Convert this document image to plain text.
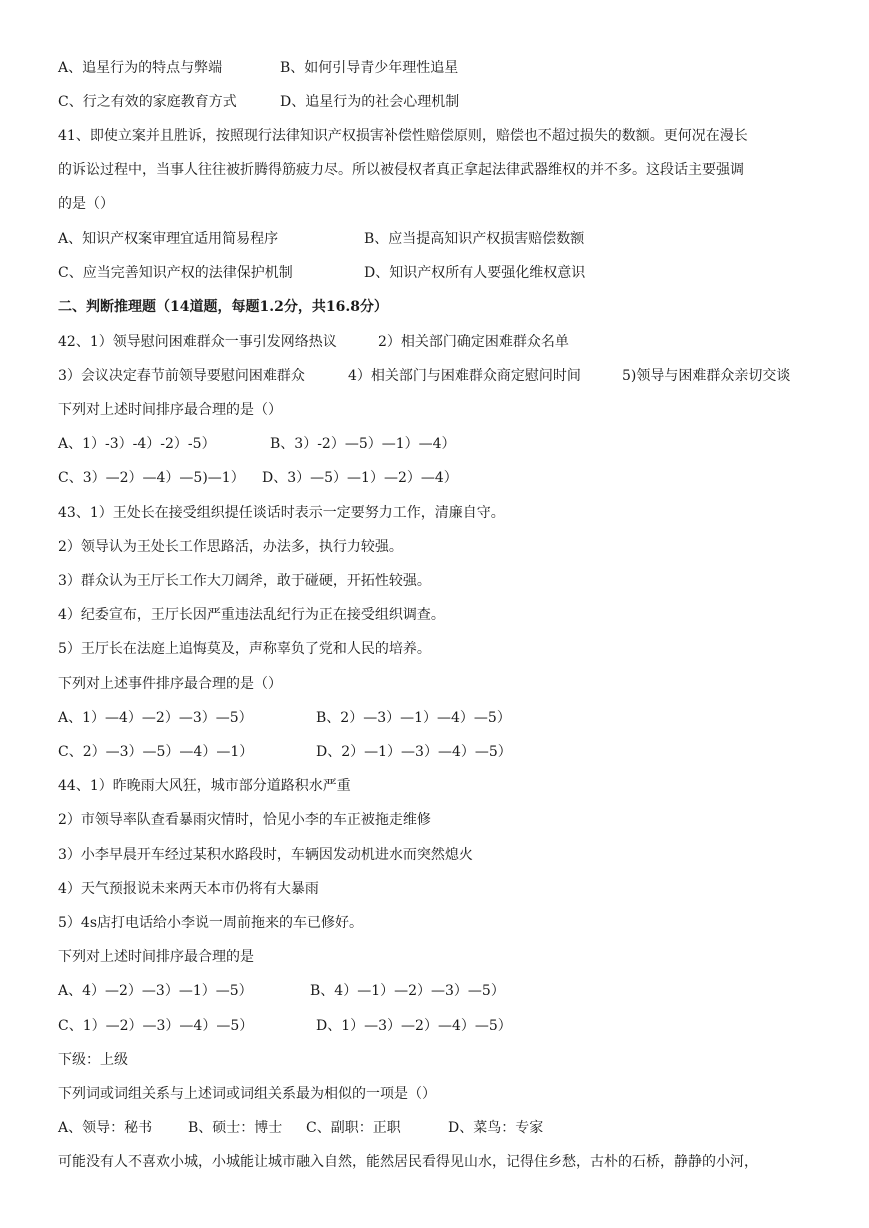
A、追星行为的特点与弊端	B、如何引导青少年理性追星
C、行之有效的家庭教育方式	D、追星行为的社会心理机制
41、即使立案并且胜诉，按照现行法律知识产权损害补偿性赔偿原则，赔偿也不超过损失的数额。更何况在漫长
的诉讼过程中，当事人往往被折腾得筋疲力尽。所以被侵权者真正拿起法律武器维权的并不多。这段话主要强调
的是（）
A、知识产权案审理宜适用简易程序	B、应当提高知识产权损害赔偿数额
C、应当完善知识产权的法律保护机制	D、知识产权所有人要强化维权意识
二、判断推理题（14道题，每题1.2分，共16.8分）
42、1）领导慰问困难群众一事引发网络热议	2）相关部门确定困难群众名单
3）会议决定春节前领导要慰问困难群众	4）相关部门与困难群众商定慰问时间	5)领导与困难群众亲切交谈
下列对上述时间排序最合理的是（）
A、1）-3）-4）-2）-5）	B、3）-2）—5）—1）—4）
C、3）—2）—4）—5)—1） D、3）—5）—1）—2）—4）
43、1）王处长在接受组织提任谈话时表示一定要努力工作，清廉自守。
2）领导认为王处长工作思路活，办法多，执行力较强。
3）群众认为王厅长工作大刀阔斧，敢于碰硬，开拓性较强。
4）纪委宣布，王厅长因严重违法乱纪行为正在接受组织调查。
5）王厅长在法庭上追悔莫及，声称辜负了党和人民的培养。
下列对上述事件排序最合理的是（）
A、1）—4）—2）—3）—5）	B、2）—3）—1）—4）—5）
C、2）—3）—5）—4）—1）	D、2）—1）—3）—4）—5）
44、1）昨晚雨大风狂，城市部分道路积水严重
2）市领导率队查看暴雨灾情时，恰见小李的车正被拖走维修
3）小李早晨开车经过某积水路段时，车辆因发动机进水而突然熄火
4）天气预报说未来两天本市仍将有大暴雨
5）4s店打电话给小李说一周前拖来的车已修好。
下列对上述时间排序最合理的是
A、4）—2）—3）—1）—5）	B、4）—1）—2）—3）—5）
C、1）—2）—3）—4）—5）	D、1）—3）—2）—4）—5）
下级：上级
下列词或词组关系与上述词或词组关系最为相似的一项是（）
A、领导：秘书	B、硕士：博士 C、副职：正职	D、菜鸟：专家
可能没有人不喜欢小城，小城能让城市融入自然，能然居民看得见山水，记得住乡愁，古朴的石桥，静静的小河，
